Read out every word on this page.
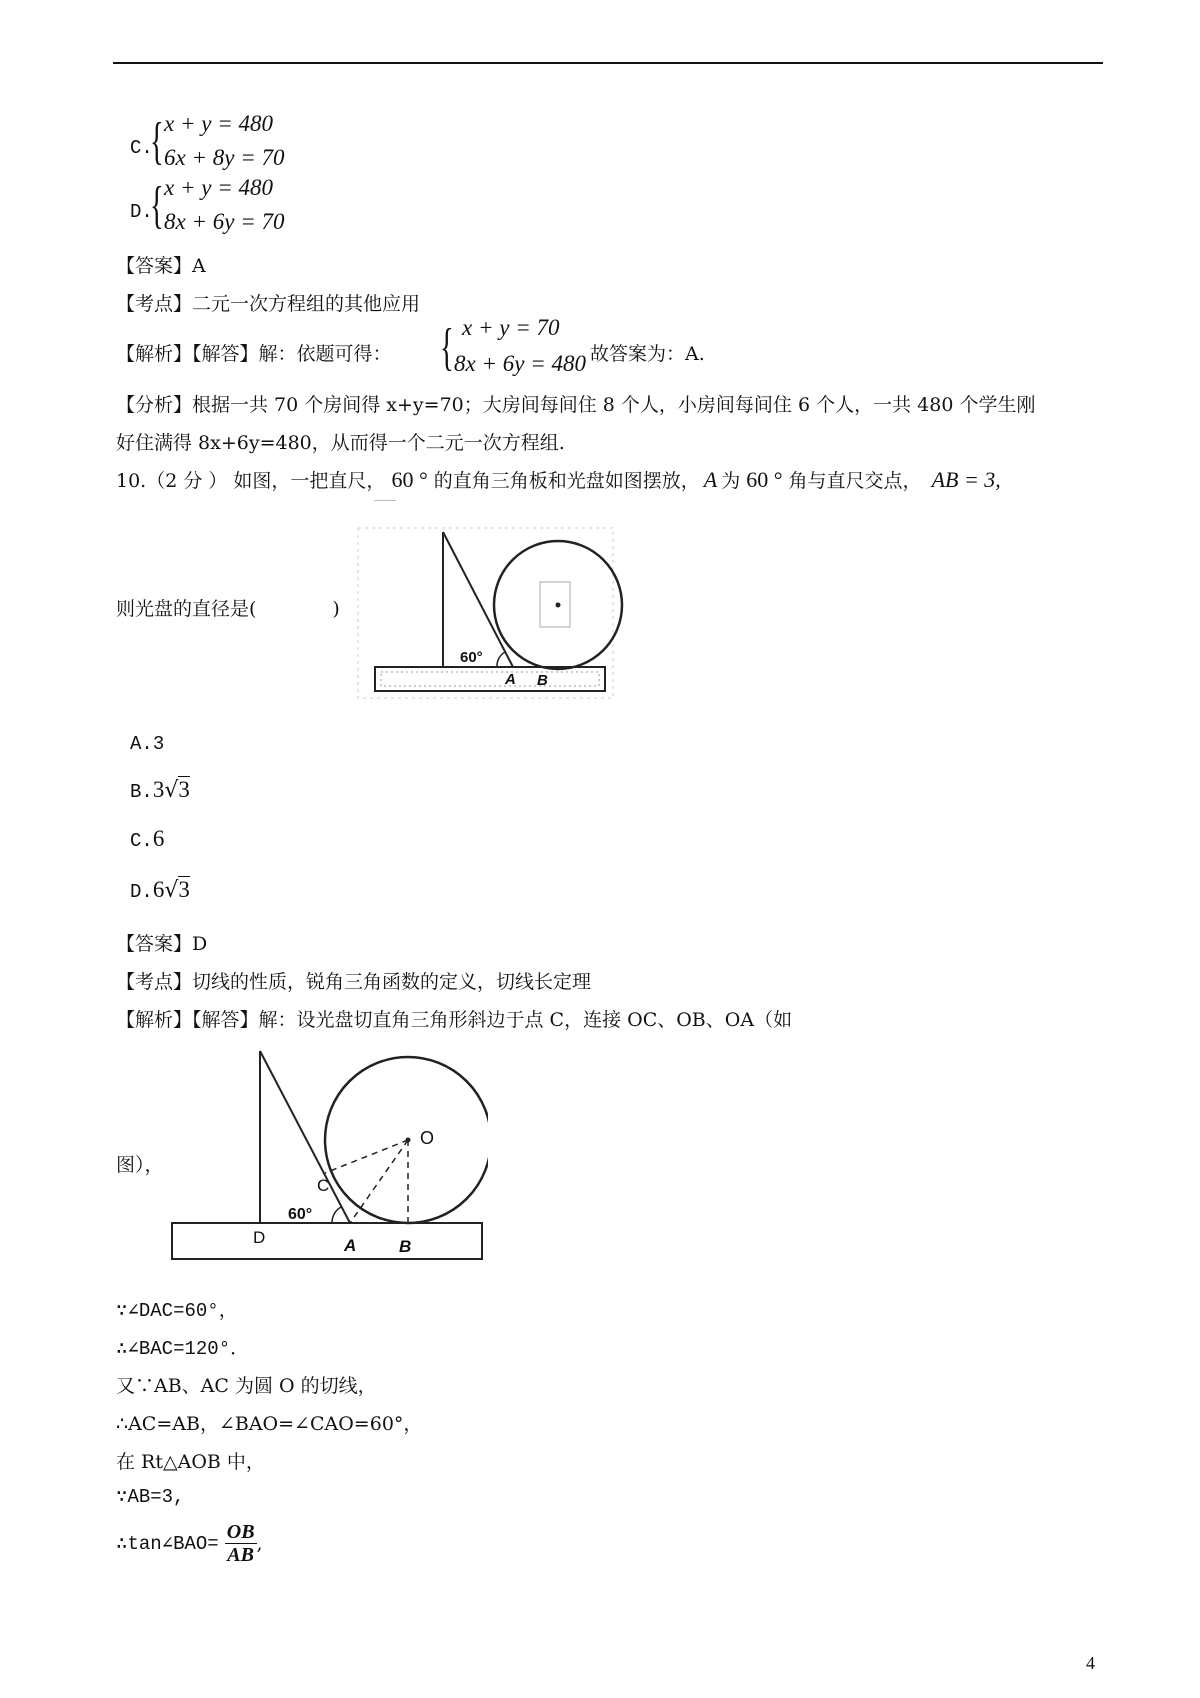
C.
{ x + y = 480
6x + 8y = 70
D.
{ x + y = 480
8x + 6y = 70
【答案】A
【考点】二元一次方程组的其他应用
【解析】【解答】解：依题可得： { x + y = 70
8x + 6y = 480 故答案为：A.
【分析】根据一共 70 个房间得 x+y=70；大房间每间住 8 个人，小房间每间住 6 个人，一共 480 个学生刚
好住满得 8x+6y=480，从而得一个二元一次方程组.
10.（2 分 ） 如图，一把直尺， 60 ° 的直角三角板和光盘如图摆放， A 为 60 ° 角与直尺交点， AB = 3,
则光盘的直径是(　　　　)
60°
A B
A.3
B.3√3
C.6
D.6√3
【答案】D
【考点】切线的性质，锐角三角函数的定义，切线长定理
【解析】【解答】解：设光盘切直角三角形斜边于点 C，连接 OC、OB、OA（如
图），
O
C
60°
D	A	B
∵∠DAC=60°，
∴∠BAC=120°．
又∵AB、AC 为圆 O 的切线，
∴AC=AB，∠BAO=∠CAO=60°，
在 Rt△AOB 中，
∵AB=3,
∴tan∠BAO= $\frac{OB}{AB}$ ,
4
